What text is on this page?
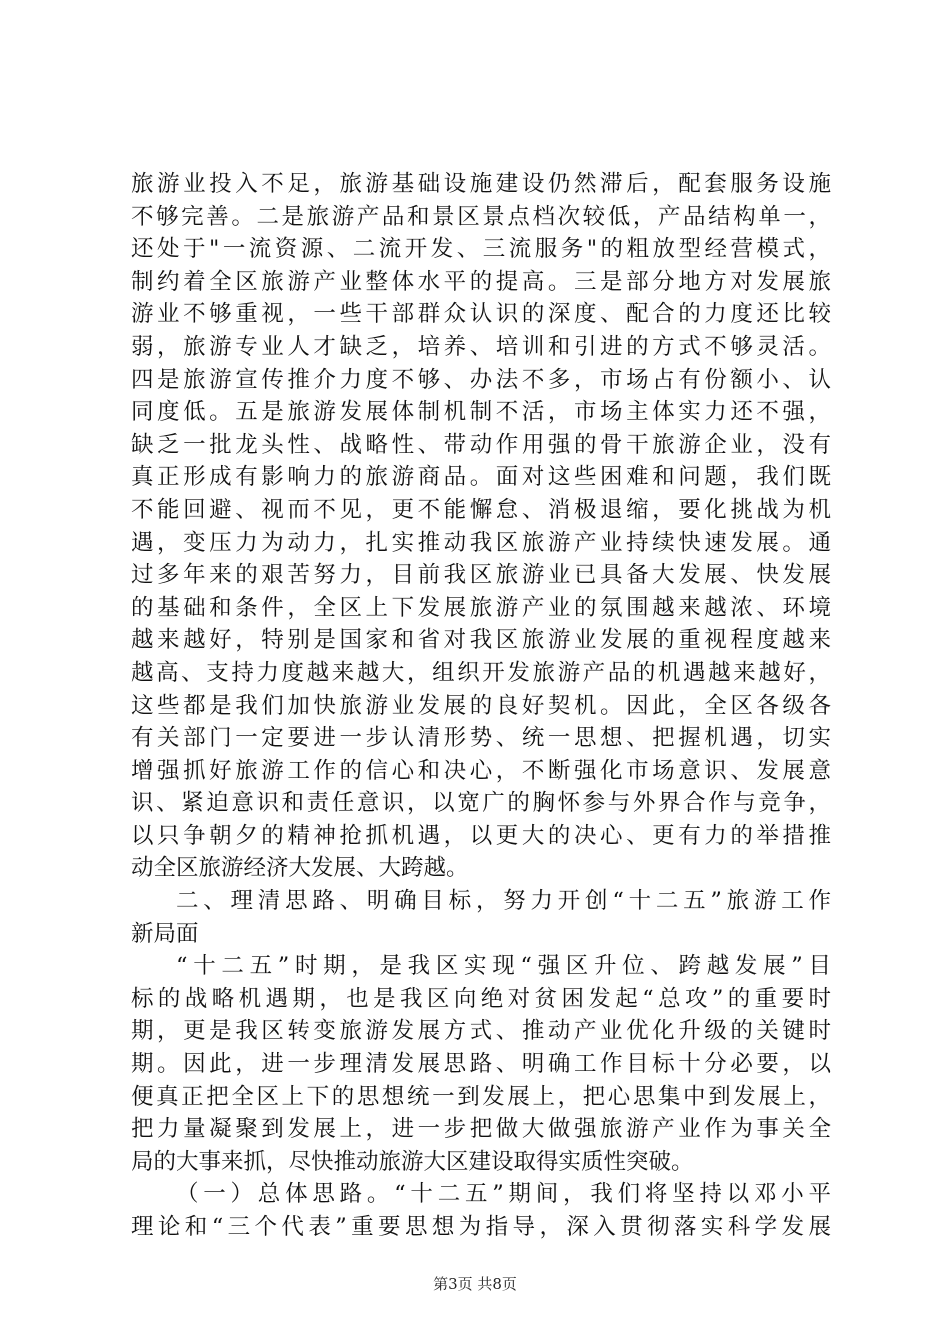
旅游业投入不足，旅游基础设施建设仍然滞后，配套服务设施
不够完善。二是旅游产品和景区景点档次较低，产品结构单一，
还处于"一流资源、二流开发、三流服务"的粗放型经营模式，
制约着全区旅游产业整体水平的提高。三是部分地方对发展旅
游业不够重视，一些干部群众认识的深度、配合的力度还比较
弱，旅游专业人才缺乏，培养、培训和引进的方式不够灵活。
四是旅游宣传推介力度不够、办法不多，市场占有份额小、认
同度低。五是旅游发展体制机制不活，市场主体实力还不强，
缺乏一批龙头性、战略性、带动作用强的骨干旅游企业，没有
真正形成有影响力的旅游商品。面对这些困难和问题，我们既
不能回避、视而不见，更不能懈怠、消极退缩，要化挑战为机
遇，变压力为动力，扎实推动我区旅游产业持续快速发展。通
过多年来的艰苦努力，目前我区旅游业已具备大发展、快发展
的基础和条件，全区上下发展旅游产业的氛围越来越浓、环境
越来越好，特别是国家和省对我区旅游业发展的重视程度越来
越高、支持力度越来越大，组织开发旅游产品的机遇越来越好，
这些都是我们加快旅游业发展的良好契机。因此，全区各级各
有关部门一定要进一步认清形势、统一思想、把握机遇，切实
增强抓好旅游工作的信心和决心，不断强化市场意识、发展意
识、紧迫意识和责任意识，以宽广的胸怀参与外界合作与竞争，
以只争朝夕的精神抢抓机遇，以更大的决心、更有力的举措推
动全区旅游经济大发展、大跨越。
二、理清思路、明确目标，努力开创“十二五”旅游工作
新局面
“十二五”时期，是我区实现“强区升位、跨越发展”目
标的战略机遇期，也是我区向绝对贫困发起“总攻”的重要时
期，更是我区转变旅游发展方式、推动产业优化升级的关键时
期。因此，进一步理清发展思路、明确工作目标十分必要，以
便真正把全区上下的思想统一到发展上，把心思集中到发展上，
把力量凝聚到发展上，进一步把做大做强旅游产业作为事关全
局的大事来抓，尽快推动旅游大区建设取得实质性突破。
（一）总体思路。“十二五”期间，我们将坚持以邓小平
理论和“三个代表”重要思想为指导，深入贯彻落实科学发展
第3页 共8页
